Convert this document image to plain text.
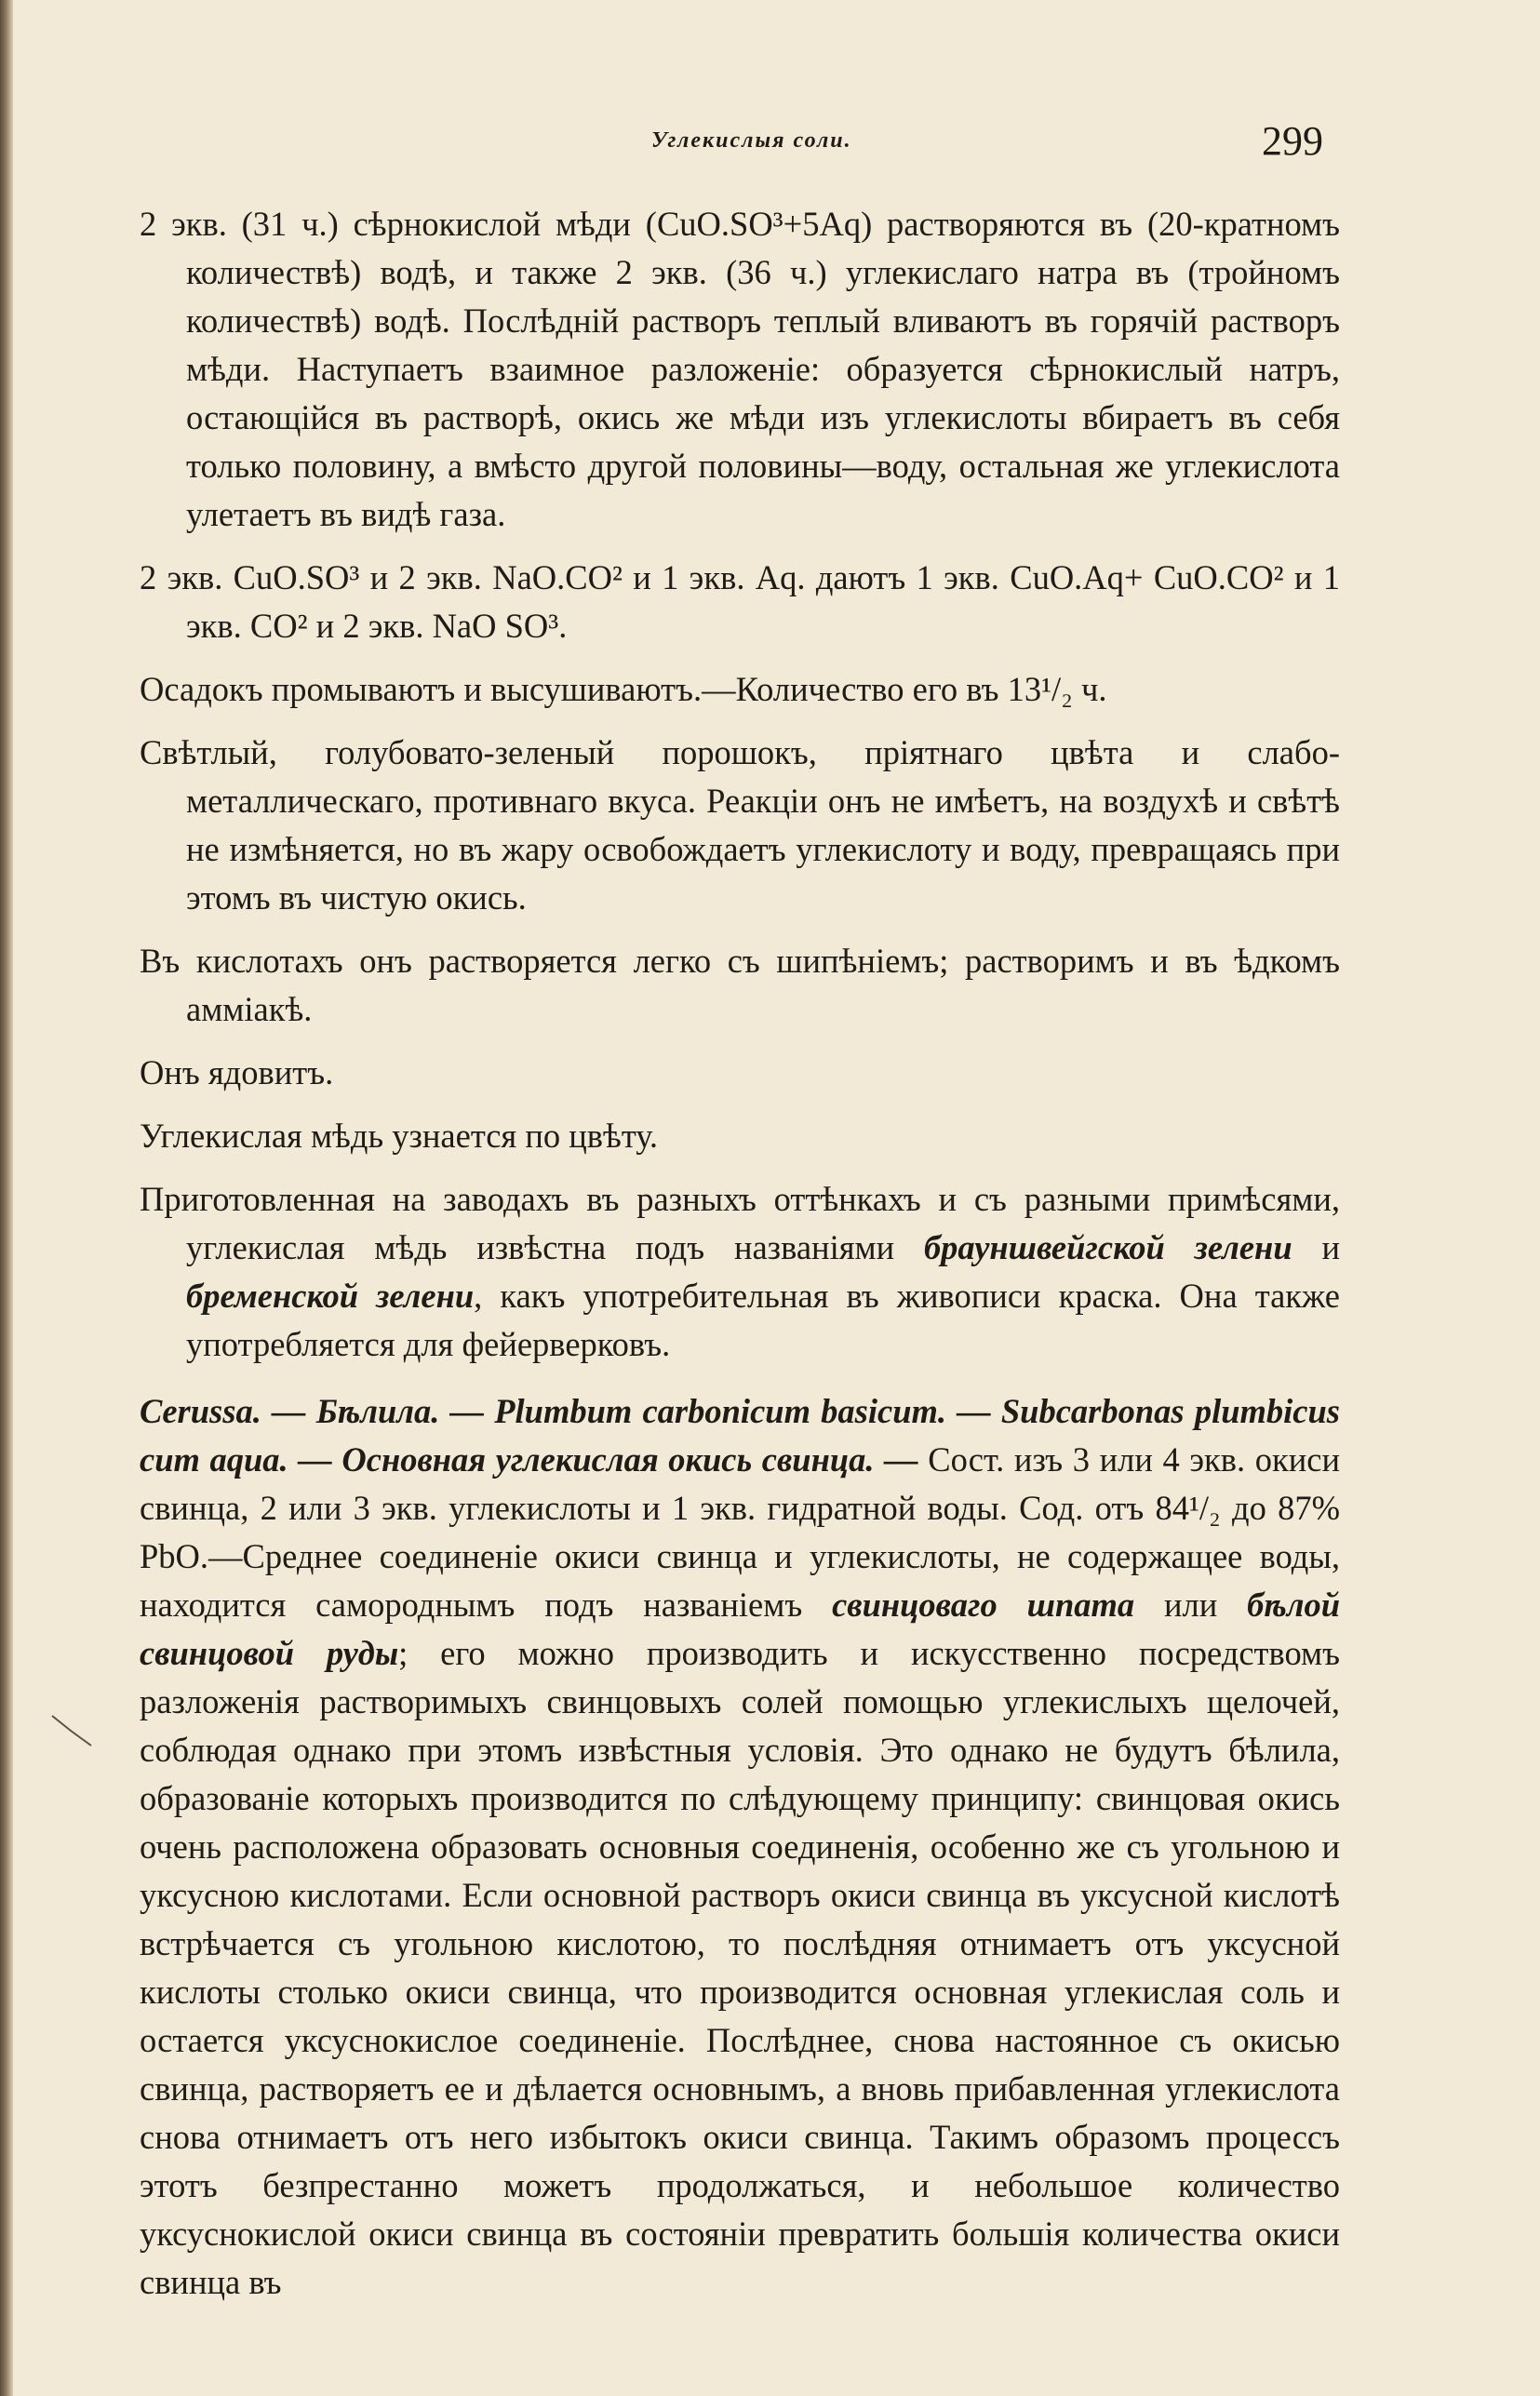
Углекислыя соли.	299

2 экв. (31 ч.) сѣрнокислой мѣди (CuO.SO³+5Aq) растворяются въ (20-кратномъ количествѣ) водѣ, и также 2 экв. (36 ч.) углекислаго натра въ (тройномъ количествѣ) водѣ. Послѣдній растворъ теплый вливаютъ въ горячій растворъ мѣди. Наступаетъ взаимное разложеніе: образуется сѣрнокислый натръ, остающійся въ растворѣ, окись же мѣди изъ углекислоты вбираетъ въ себя только половину, а вмѣсто другой половины—воду, остальная же углекислота улетаетъ въ видѣ газа.

2 экв. CuO.SO³ и 2 экв. NaO.CO² и 1 экв. Aq. даютъ 1 экв. CuO.Aq+ CuO.CO² и 1 экв. CO² и 2 экв. NaO SO³.

Осадокъ промываютъ и высушиваютъ.—Количество его въ 13¹/₂ ч.

Свѣтлый, голубовато-зеленый порошокъ, пріятнаго цвѣта и слабо-металлическаго, противнаго вкуса. Реакціи онъ не имѣетъ, на воздухѣ и свѣтѣ не измѣняется, но въ жару освобождаетъ углекислоту и воду, превращаясь при этомъ въ чистую окись.

Въ кислотахъ онъ растворяется легко съ шипѣніемъ; растворимъ и въ ѣдкомъ амміакѣ.

Онъ ядовитъ.

Углекислая мѣдь узнается по цвѣту.

Приготовленная на заводахъ въ разныхъ оттѣнкахъ и съ разными примѣсями, углекислая мѣдь извѣстна подъ названіями брауншвейгской зелени и бременской зелени, какъ употребительная въ живописи краска. Она также употребляется для фейерверковъ.

Cerussa. — Бѣлила. — Plumbum carbonicum basicum. — Subcarbonas plumbicus cum aqua. — Основная углекислая окись свинца. — Сост. изъ 3 или 4 экв. окиси свинца, 2 или 3 экв. углекислоты и 1 экв. гидратной воды. Сод. отъ 84¹/₂ до 87% PbO.—Среднее соединеніе окиси свинца и углекислоты, не содержащее воды, находится самороднымъ подъ названіемъ свинцоваго шпата или бѣлой свинцовой руды; его можно производить и искусственно посредствомъ разложенія растворимыхъ свинцовыхъ солей помощью углекислыхъ щелочей, соблюдая однако при этомъ извѣстныя условія. Это однако не будутъ бѣлила, образованіе которыхъ производится по слѣдующему принципу: свинцовая окись очень расположена образовать основныя соединенія, особенно же съ угольною и уксусною кислотами. Если основной растворъ окиси свинца въ уксусной кислотѣ встрѣчается съ угольною кислотою, то послѣдняя отнимаетъ отъ уксусной кислоты столько окиси свинца, что производится основная углекислая соль и остается уксуснокислое соединеніе. Послѣднее, снова настоянное съ окисью свинца, растворяетъ ее и дѣлается основнымъ, а вновь прибавленная углекислота снова отнимаетъ отъ него избытокъ окиси свинца. Такимъ образомъ процессъ этотъ безпрестанно можетъ продолжаться, и небольшое количество уксуснокислой окиси свинца въ состояніи превратить большія количества окиси свинца въ
